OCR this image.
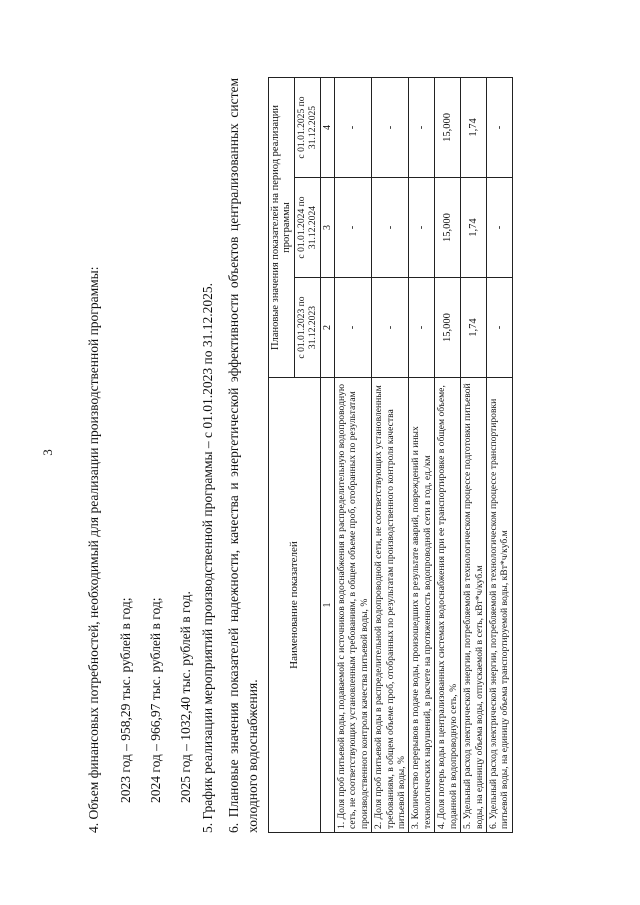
3 4. Объем финансовых потребностей, необходимый для реализации производственной программы: 2023 год – 958,29 тыс. рублей в год; 2024 год – 966,97 тыс. рублей в год; 2025 год – 1032,40 тыс. рублей в год. 5. График реализации мероприятий производственной программы – с 01.01.2023 по 31.12.2025. 6. Плановые значения показателей надежности, качества и энергетической эффективности объектов централизованных систем холодного водоснабжения.
Наименование показателей	Плановые значения показателей на период реализации программы		
	с 01.01.2023 по 31.12.2023	с 01.01.2024 по 31.12.2024	с 01.01.2025 по 31.12.2025
1	2	3	4
1. Доля проб питьевой воды, подаваемой с источников водоснабжения в распределительную водопроводную сеть, не соответствующих установленным требованиям, в общем объеме проб, отобранных по результатам производственного контроля качества питьевой воды, %	-	-	-
2. Доля проб питьевой воды в распределительной водопроводной сети, не соответствующих установленным требованиям, в общем объеме проб, отобранных по результатам производственного контроля качества питьевой воды, %	-	-	-
3. Количество перерывов в подаче воды, произошедших в результате аварий, повреждений и иных технологических нарушений, в расчете на протяженность водопроводной сети в год, ед./км	-	-	-
4. Доля потерь воды в централизованных системах водоснабжения при ее транспортировке в общем объеме, поданной в водопроводную сеть, %	15,000	15,000	15,000
5. Удельный расход электрической энергии, потребляемой в технологическом процессе подготовки питьевой воды, на единицу объема воды, отпускаемой в сеть, кВт*ч/куб.м	1,74	1,74	1,74
6. Удельный расход электрической энергии, потребляемой в технологическом процессе транспортировки питьевой воды, на единицу объема транспортируемой воды, кВт*ч/куб.м	-	-	-
